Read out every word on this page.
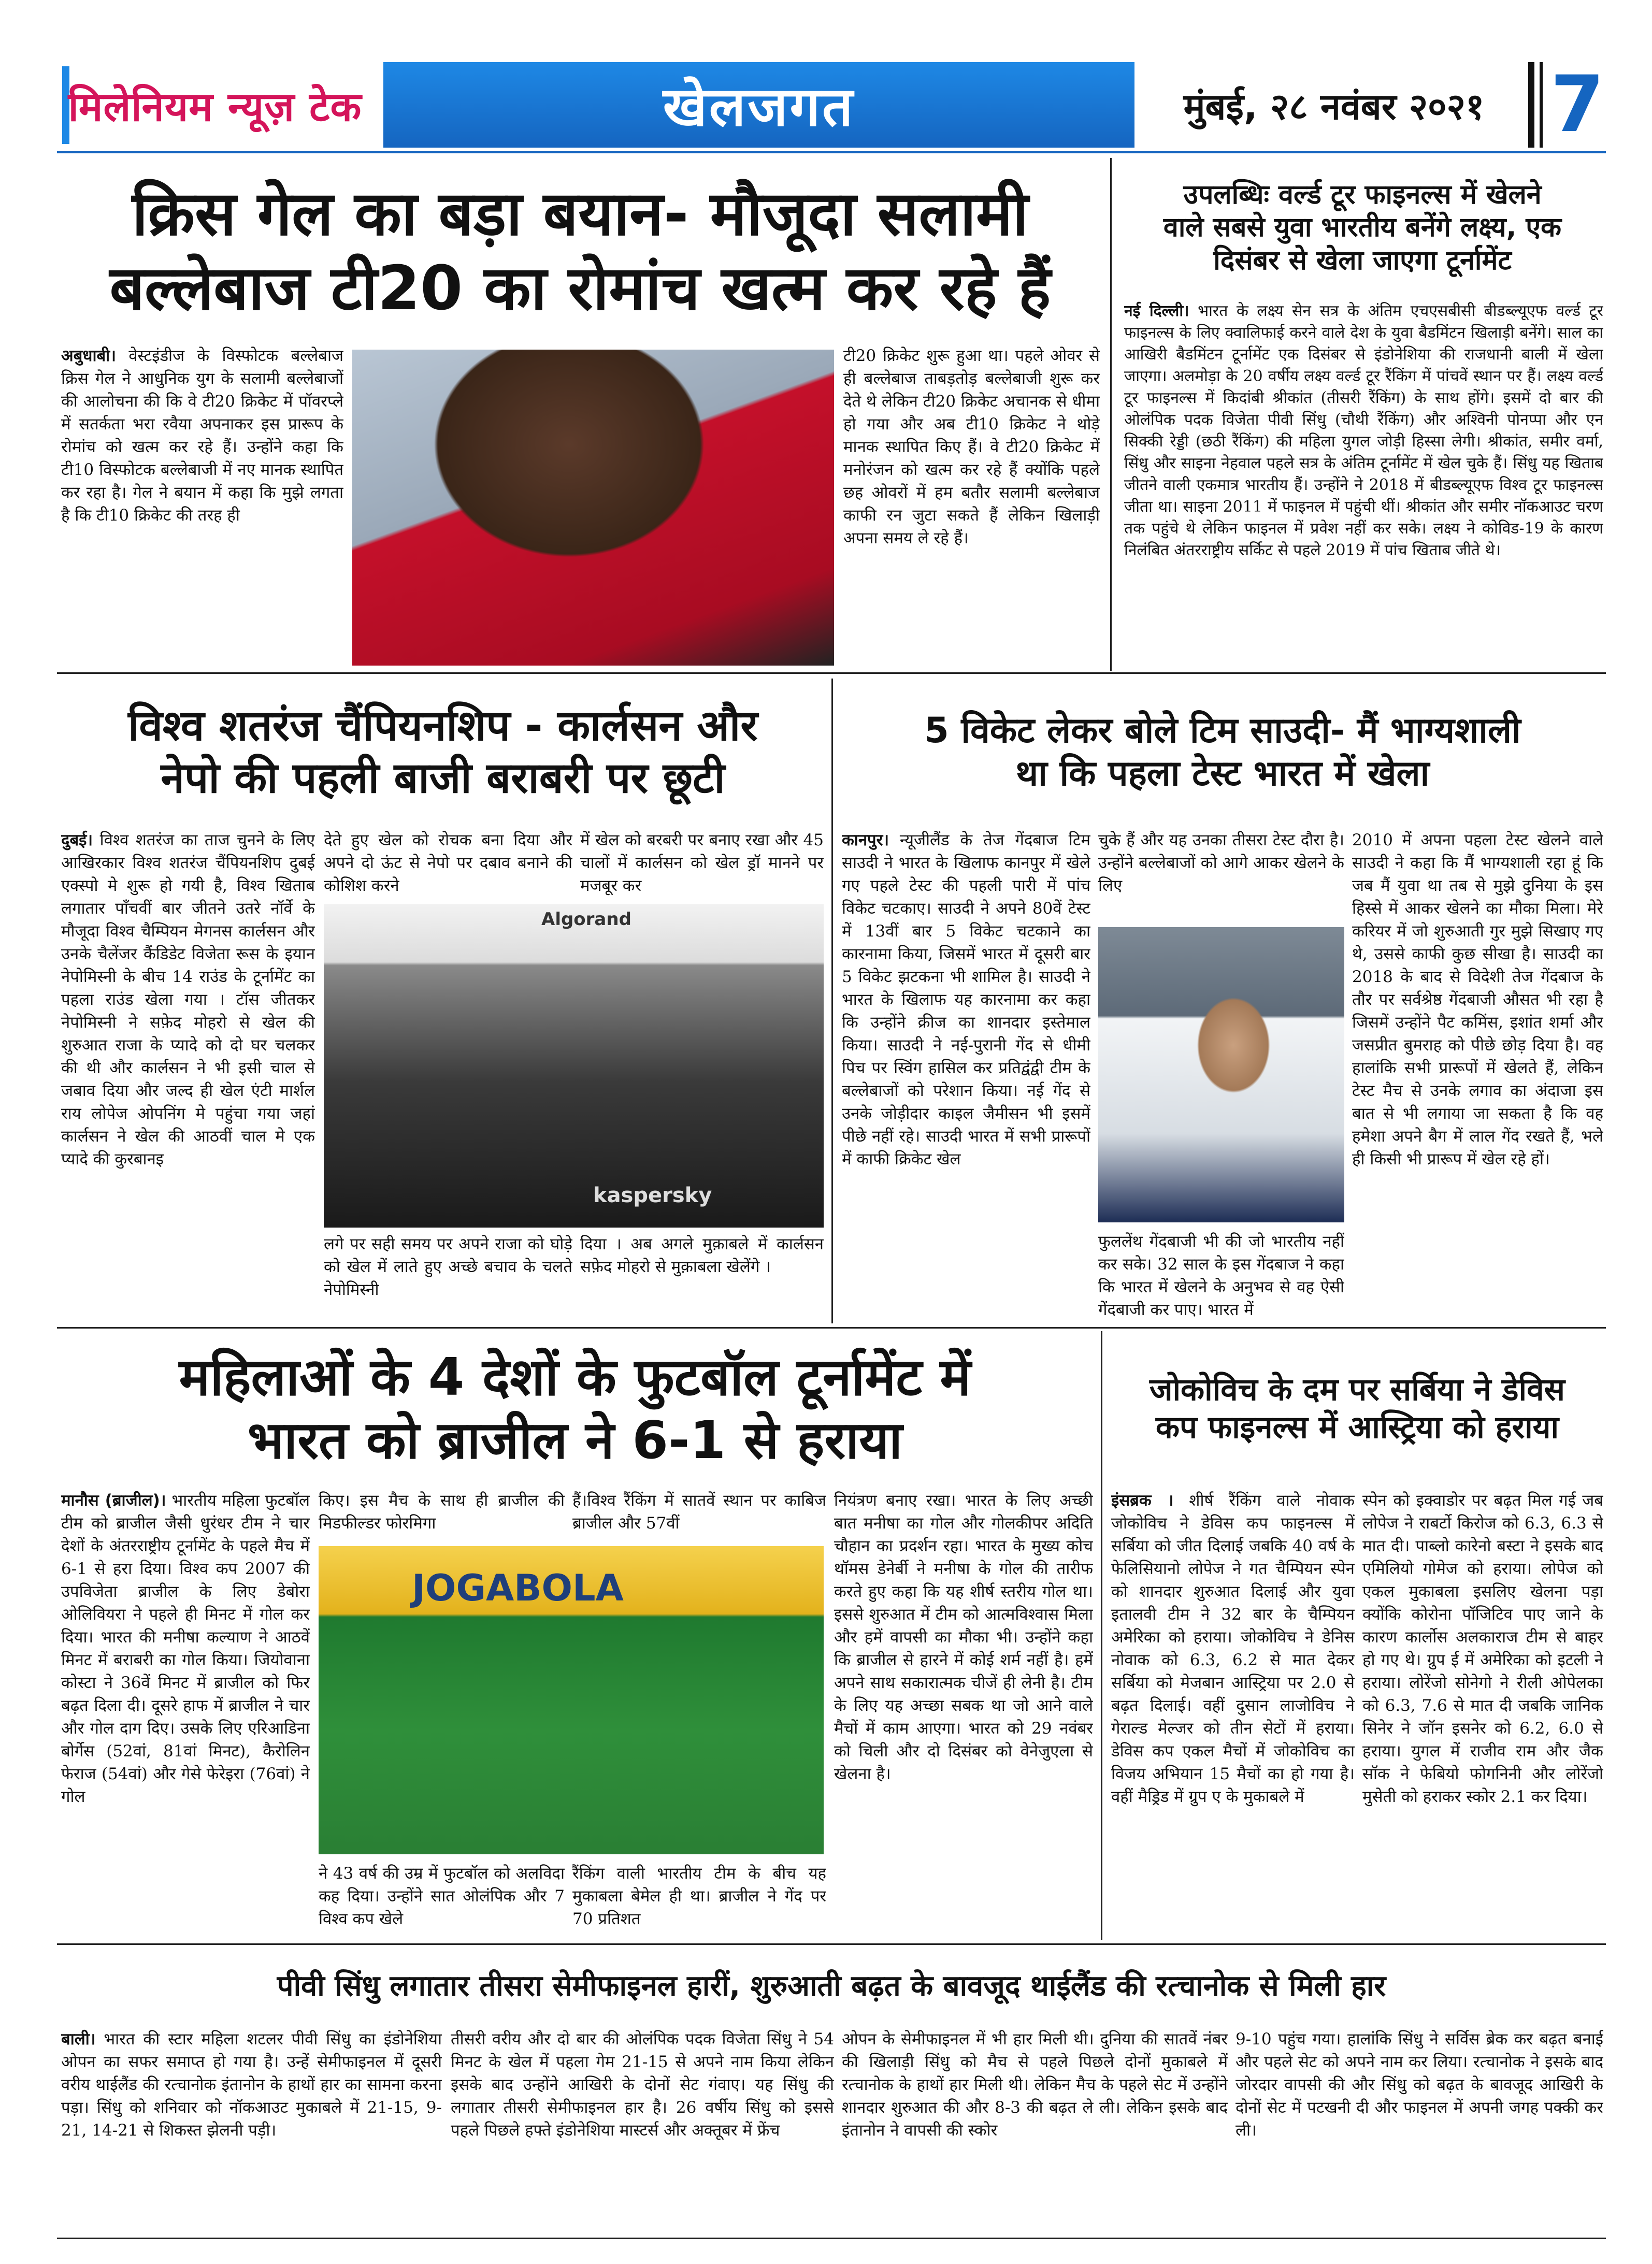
मिलेनियम न्यूज़ टेक	खेलजगत	मुंबई, २८ नवंबर २०२१ 7
क्रिस गेल का बड़ा बयान- मौजूदा सलामी
बल्लेबाज टी20 का रोमांच खत्म कर रहे हैं
अबुधाबी। वेस्टइंडीज के विस्फोटक बल्लेबाज क्रिस गेल ने आधुनिक युग के सलामी बल्लेबाजों की आलोचना की कि वे टी20 क्रिकेट में पॉवरप्ले में सतर्कता भरा रवैया अपनाकर इस प्रारूप के रोमांच को खत्म कर रहे हैं। उन्होंने कहा कि टी10 विस्फोटक बल्लेबाजी में नए मानक स्थापित कर रहा है। गेल ने बयान में कहा कि मुझे लगता है कि टी10 क्रिकेट की तरह ही
टी20 क्रिकेट शुरू हुआ था। पहले ओवर से ही बल्लेबाज ताबड़तोड़ बल्लेबाजी शुरू कर देते थे लेकिन टी20 क्रिकेट अचानक से धीमा हो गया और अब टी10 क्रिकेट ने थोड़े मानक स्थापित किए हैं। वे टी20 क्रिकेट में मनोरंजन को खत्म कर रहे हैं क्योंकि पहले छह ओवरों में हम बतौर सलामी बल्लेबाज काफी रन जुटा सकते हैं लेकिन खिलाड़ी अपना समय ले रहे हैं।
उपलब्धिः वर्ल्ड टूर फाइनल्स में खेलने
वाले सबसे युवा भारतीय बनेंगे लक्ष्य, एक
दिसंबर से खेला जाएगा टूर्नामेंट
नई दिल्ली। भारत के लक्ष्य सेन सत्र के अंतिम एचएसबीसी बीडब्ल्यूएफ वर्ल्ड टूर फाइनल्स के लिए क्वालिफाई करने वाले देश के युवा बैडमिंटन खिलाड़ी बनेंगे। साल का आखिरी बैडमिंटन टूर्नामेंट एक दिसंबर से इंडोनेशिया की राजधानी बाली में खेला जाएगा। अलमोड़ा के 20 वर्षीय लक्ष्य वर्ल्ड टूर रैंकिंग में पांचवें स्थान पर हैं। लक्ष्य वर्ल्ड टूर फाइनल्स में किदांबी श्रीकांत (तीसरी रैंकिंग) के साथ होंगे। इसमें दो बार की ओलंपिक पदक विजेता पीवी सिंधु (चौथी रैंकिंग) और अश्विनी पोनप्पा और एन सिक्की रेड्डी (छठी रैंकिंग) की महिला युगल जोड़ी हिस्सा लेगी। श्रीकांत, समीर वर्मा, सिंधु और साइना नेहवाल पहले सत्र के अंतिम टूर्नामेंट में खेल चुके हैं। सिंधु यह खिताब जीतने वाली एकमात्र भारतीय हैं। उन्होंने ने 2018 में बीडब्ल्यूएफ विश्व टूर फाइनल्स जीता था। साइना 2011 में फाइनल में पहुंची थीं। श्रीकांत और समीर नॉकआउट चरण तक पहुंचे थे लेकिन फाइनल में प्रवेश नहीं कर सके। लक्ष्य ने कोविड-19 के कारण निलंबित अंतरराष्ट्रीय सर्किट से पहले 2019 में पांच खिताब जीते थे।
विश्व शतरंज चैंपियनशिप - कार्लसन और
नेपो की पहली बाजी बराबरी पर छूटी
दुबई। विश्व शतरंज का ताज चुनने के लिए आखिरकार विश्व शतरंज चैंपियनशिप दुबई एक्स्पो मे शुरू हो गयी है, विश्व खिताब लगातार पाँचवीं बार जीतने उतरे नॉर्वे के मौजूदा विश्व चैम्पियन मेगनस कार्लसन और उनके चैलेंजर कैंडिडेट विजेता रूस के इयान नेपोमिस्नी के बीच 14 राउंड के टूर्नामेंट का पहला राउंड खेला गया । टॉस जीतकर नेपोमिस्नी ने सफ़ेद मोहरो से खेल की शुरुआत राजा के प्यादे को दो घर चलकर की थी और कार्लसन ने भी इसी चाल से जबाव दिया और जल्द ही खेल एंटी मार्शल राय लोपेज ओपनिंग मे पहुंचा गया जहां कार्लसन ने खेल की आठवीं चाल मे एक प्यादे की कुरबानइ
देते हुए खेल को रोचक बना दिया और अपने दो ऊंट से नेपो पर दबाव बनाने की कोशिश करने
में खेल को बरबरी पर बनाए रखा और 45 चालों में कार्लसन को खेल ड्रॉ मानने पर मजबूर कर
Algorand
kaspersky
लगे पर सही समय पर अपने राजा को घोड़े को खेल में लाते हुए अच्छे बचाव के चलते नेपोमिस्नी
दिया । अब अगले मुक़ाबले में कार्लसन सफ़ेद मोहरो से मुक़ाबला खेलेंगे ।
5 विकेट लेकर बोले टिम साउदी- मैं भाग्यशाली
था कि पहला टेस्ट भारत में खेला
कानपुर। न्यूजीलैंड के तेज गेंदबाज टिम साउदी ने भारत के खिलाफ कानपुर में खेले गए पहले टेस्ट की पहली पारी में पांच विकेट चटकाए। साउदी ने अपने 80वें टेस्ट में 13वीं बार 5 विकेट चटकाने का कारनामा किया, जिसमें भारत में दूसरी बार 5 विकेट झटकना भी शामिल है। साउदी ने भारत के खिलाफ यह कारनामा कर कहा कि उन्होंने क्रीज का शानदार इस्तेमाल किया। साउदी ने नई-पुरानी गेंद से धीमी पिच पर स्विंग हासिल कर प्रतिद्वंद्वी टीम के बल्लेबाजों को परेशान किया। नई गेंद से उनके जोड़ीदार काइल जैमीसन भी इसमें पीछे नहीं रहे। साउदी भारत में सभी प्रारूपों में काफी क्रिकेट खेल
चुके हैं और यह उनका तीसरा टेस्ट दौरा है। उन्होंने बल्लेबाजों को आगे आकर खेलने के लिए
फुललेंथ गेंदबाजी भी की जो भारतीय नहीं कर सके। 32 साल के इस गेंदबाज ने कहा कि भारत में खेलने के अनुभव से वह ऐसी गेंदबाजी कर पाए। भारत में
2010 में अपना पहला टेस्ट खेलने वाले साउदी ने कहा कि मैं भाग्यशाली रहा हूं कि जब मैं युवा था तब से मुझे दुनिया के इस हिस्से में आकर खेलने का मौका मिला। मेरे करियर में जो शुरुआती गुर मुझे सिखाए गए थे, उससे काफी कुछ सीखा है। साउदी का 2018 के बाद से विदेशी तेज गेंदबाज के तौर पर सर्वश्रेष्ठ गेंदबाजी औसत भी रहा है जिसमें उन्होंने पैट कमिंस, इशांत शर्मा और जसप्रीत बुमराह को पीछे छोड़ दिया है। वह हालांकि सभी प्रारूपों में खेलते हैं, लेकिन टेस्ट मैच से उनके लगाव का अंदाजा इस बात से भी लगाया जा सकता है कि वह हमेशा अपने बैग में लाल गेंद रखते हैं, भले ही किसी भी प्रारूप में खेल रहे हों।
महिलाओं के 4 देशों के फुटबॉल टूर्नामेंट में
भारत को ब्राजील ने 6-1 से हराया
मानौस (ब्राजील)। भारतीय महिला फुटबॉल टीम को ब्राजील जैसी धुरंधर टीम ने चार देशों के अंतरराष्ट्रीय टूर्नामेंट के पहले मैच में 6-1 से हरा दिया। विश्व कप 2007 की उपविजेता ब्राजील के लिए डेबोरा ओलिवियरा ने पहले ही मिनट में गोल कर दिया। भारत की मनीषा कल्याण ने आठवें मिनट में बराबरी का गोल किया। जियोवाना कोस्टा ने 36वें मिनट में ब्राजील को फिर बढ़त दिला दी। दूसरे हाफ में ब्राजील ने चार और गोल दाग दिए। उसके लिए एरिआडिना बोर्गेस (52वां, 81वां मिनट), कैरोलिन फेराज (54वां) और गेसे फेरेइरा (76वां) ने गोल
किए। इस मैच के साथ ही ब्राजील की मिडफील्डर फोरमिगा
हैं।विश्व रैंकिंग में सातवें स्थान पर काबिज ब्राजील और 57वीं
JOGABOLA
ने 43 वर्ष की उम्र में फुटबॉल को अलविदा कह दिया। उन्होंने सात ओलंपिक और 7 विश्व कप खेले
रैंकिंग वाली भारतीय टीम के बीच यह मुकाबला बेमेल ही था। ब्राजील ने गेंद पर 70 प्रतिशत
नियंत्रण बनाए रखा। भारत के लिए अच्छी बात मनीषा का गोल और गोलकीपर अदिति चौहान का प्रदर्शन रहा। भारत के मुख्य कोच थॉमस डेनेर्बी ने मनीषा के गोल की तारीफ करते हुए कहा कि यह शीर्ष स्तरीय गोल था। इससे शुरुआत में टीम को आत्मविश्वास मिला और हमें वापसी का मौका भी। उन्होंने कहा कि ब्राजील से हारने में कोई शर्म नहीं है। हमें अपने साथ सकारात्मक चीजें ही लेनी है। टीम के लिए यह अच्छा सबक था जो आने वाले मैचों में काम आएगा। भारत को 29 नवंबर को चिली और दो दिसंबर को वेनेजुएला से खेलना है।
जोकोविच के दम पर सर्बिया ने डेविस
कप फाइनल्स में आस्ट्रिया को हराया
इंसब्रक । शीर्ष रैंकिंग वाले नोवाक जोकोविच ने डेविस कप फाइनल्स में सर्बिया को जीत दिलाई जबकि 40 वर्ष के फेलिसियानो लोपेज ने गत चैम्पियन स्पेन को शानदार शुरुआत दिलाई और युवा इतालवी टीम ने 32 बार के चैम्पियन अमेरिका को हराया। जोकोविच ने डेनिस नोवाक को 6.3, 6.2 से मात देकर सर्बिया को मेजबान आस्ट्रिया पर 2.0 से बढ़त दिलाई। वहीं दुसान लाजोविच ने गेराल्ड मेल्जर को तीन सेटों में हराया। डेविस कप एकल मैचों में जोकोविच का विजय अभियान 15 मैचों का हो गया है। वहीं मैड्रिड में ग्रुप ए के मुकाबले में
स्पेन को इक्वाडोर पर बढ़त मिल गई जब लोपेज ने राबर्टो किरोज को 6.3, 6.3 से मात दी। पाब्लो कारेनो बस्टा ने इसके बाद एमिलियो गोमेज को हराया। लोपेज को एकल मुकाबला इसलिए खेलना पड़ा क्योंकि कोरोना पॉजिटिव पाए जाने के कारण कार्लोस अलकाराज टीम से बाहर हो गए थे। ग्रुप ई में अमेरिका को इटली ने हराया। लोरेंजो सोनेगो ने रीली ओपेलका को 6.3, 7.6 से मात दी जबकि जानिक सिनेर ने जॉन इसनेर को 6.2, 6.0 से हराया। युगल में राजीव राम और जैक सॉक ने फेबियो फोगनिनी और लोरेंजो मुसेती को हराकर स्कोर 2.1 कर दिया।
पीवी सिंधु लगातार तीसरा सेमीफाइनल हारीं, शुरुआती बढ़त के बावजूद थाईलैंड की रत्चानोक से मिली हार
बाली। भारत की स्टार महिला शटलर पीवी सिंधु का इंडोनेशिया ओपन का सफर समाप्त हो गया है। उन्हें सेमीफाइनल में दूसरी वरीय थाईलैंड की रत्चानोक इंतानोन के हाथों हार का सामना करना पड़ा। सिंधु को शनिवार को नॉकआउट मुकाबले में 21-15, 9-21, 14-21 से शिकस्त झेलनी पड़ी।
तीसरी वरीय और दो बार की ओलंपिक पदक विजेता सिंधु ने 54 मिनट के खेल में पहला गेम 21-15 से अपने नाम किया लेकिन इसके बाद उन्होंने आखिरी के दोनों सेट गंवाए। यह सिंधु की लगातार तीसरी सेमीफाइनल हार है। 26 वर्षीय सिंधु को इससे पहले पिछले हफ्ते इंडोनेशिया मास्टर्स और अक्तूबर में फ्रेंच
ओपन के सेमीफाइनल में भी हार मिली थी। दुनिया की सातवें नंबर की खिलाड़ी सिंधु को मैच से पहले पिछले दोनों मुकाबले में रत्चानोक के हाथों हार मिली थी। लेकिन मैच के पहले सेट में उन्होंने शानदार शुरुआत की और 8-3 की बढ़त ले ली। लेकिन इसके बाद इंतानोन ने वापसी की स्कोर
9-10 पहुंच गया। हालांकि सिंधु ने सर्विस ब्रेक कर बढ़त बनाई और पहले सेट को अपने नाम कर लिया। रत्चानोक ने इसके बाद जोरदार वापसी की और सिंधु को बढ़त के बावजूद आखिरी के दोनों सेट में पटखनी दी और फाइनल में अपनी जगह पक्की कर ली।
